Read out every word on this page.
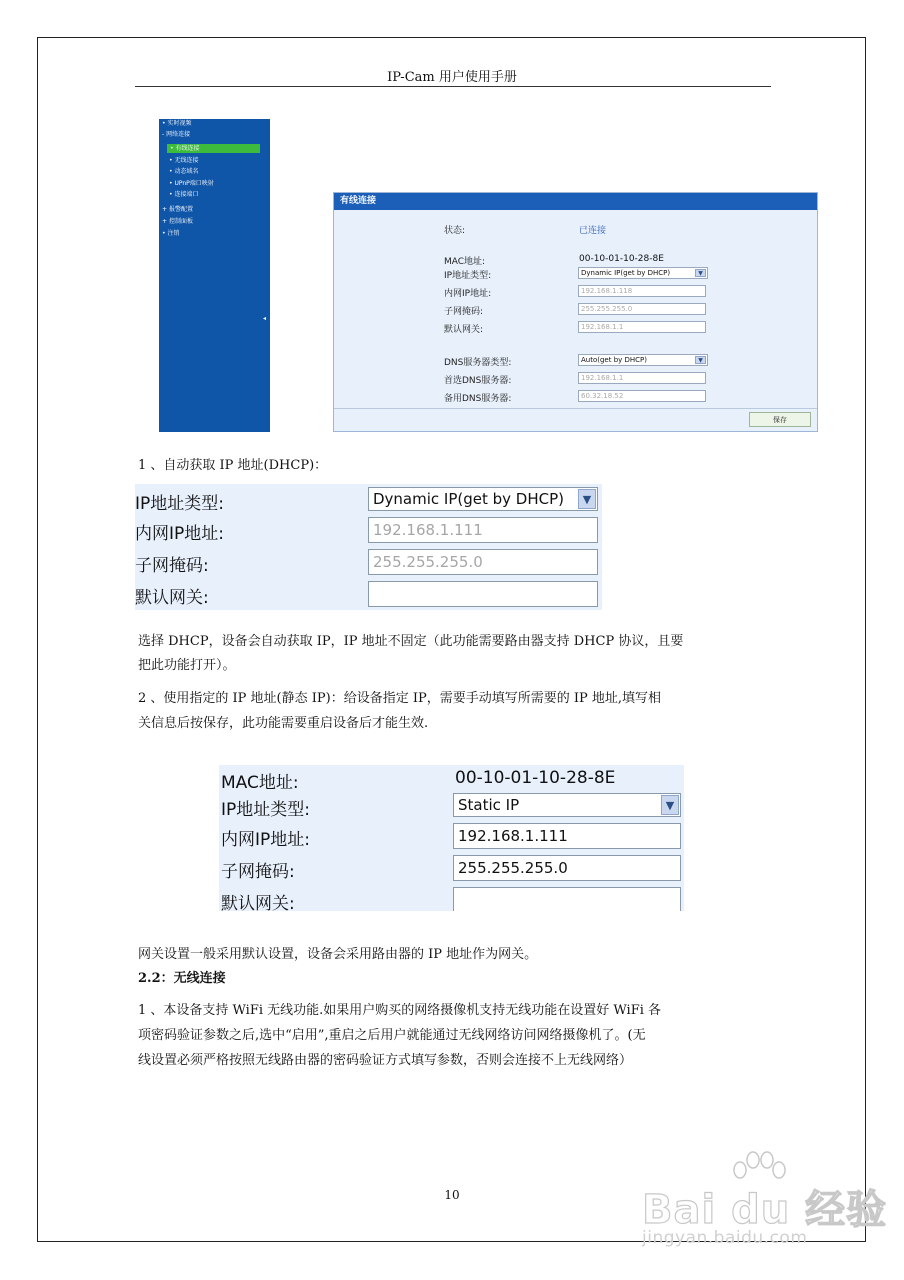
IP-Cam 用户使用手册
• 实时视频
- 网络连接
• 有线连接
• 无线连接
• 动态域名
• UPnP端口映射
• 连接端口
+ 报警配置
+ 控制面板
• 注销
◂
有线连接
状态:	已连接
MAC地址:	00-10-01-10-28-8E
IP地址类型:	Dynamic IP(get by DHCP)	▼
内网IP地址:	192.168.1.118
子网掩码:	255.255.255.0
默认网关:	192.168.1.1
DNS服务器类型:	Auto(get by DHCP)	▼
首选DNS服务器:	192.168.1.1
备用DNS服务器:	60.32.18.52
保存
1 、自动获取 IP 地址(DHCP)：
IP地址类型:	Dynamic IP(get by DHCP)	▼
内网IP地址:	192.168.1.111
子网掩码:	255.255.255.0
默认网关:
选择 DHCP，设备会自动获取 IP，IP 地址不固定（此功能需要路由器支持 DHCP 协议，且要
把此功能打开）。
2 、使用指定的 IP 地址(静态 IP)：给设备指定 IP，需要手动填写所需要的 IP 地址,填写相
关信息后按保存，此功能需要重启设备后才能生效.
MAC地址:	00-10-01-10-28-8E
IP地址类型:	Static IP	▼
内网IP地址:	192.168.1.111
子网掩码:	255.255.255.0
默认网关:
网关设置一般采用默认设置，设备会采用路由器的 IP 地址作为网关。
2.2：无线连接
1 、本设备支持 WiFi 无线功能.如果用户购买的网络摄像机支持无线功能在设置好 WiFi 各
项密码验证参数之后,选中“启用”,重启之后用户就能通过无线网络访问网络摄像机了。(无
线设置必须严格按照无线路由器的密码验证方式填写参数，否则会连接不上无线网络）
10	Bai du 经验
jingyan.baidu.com
